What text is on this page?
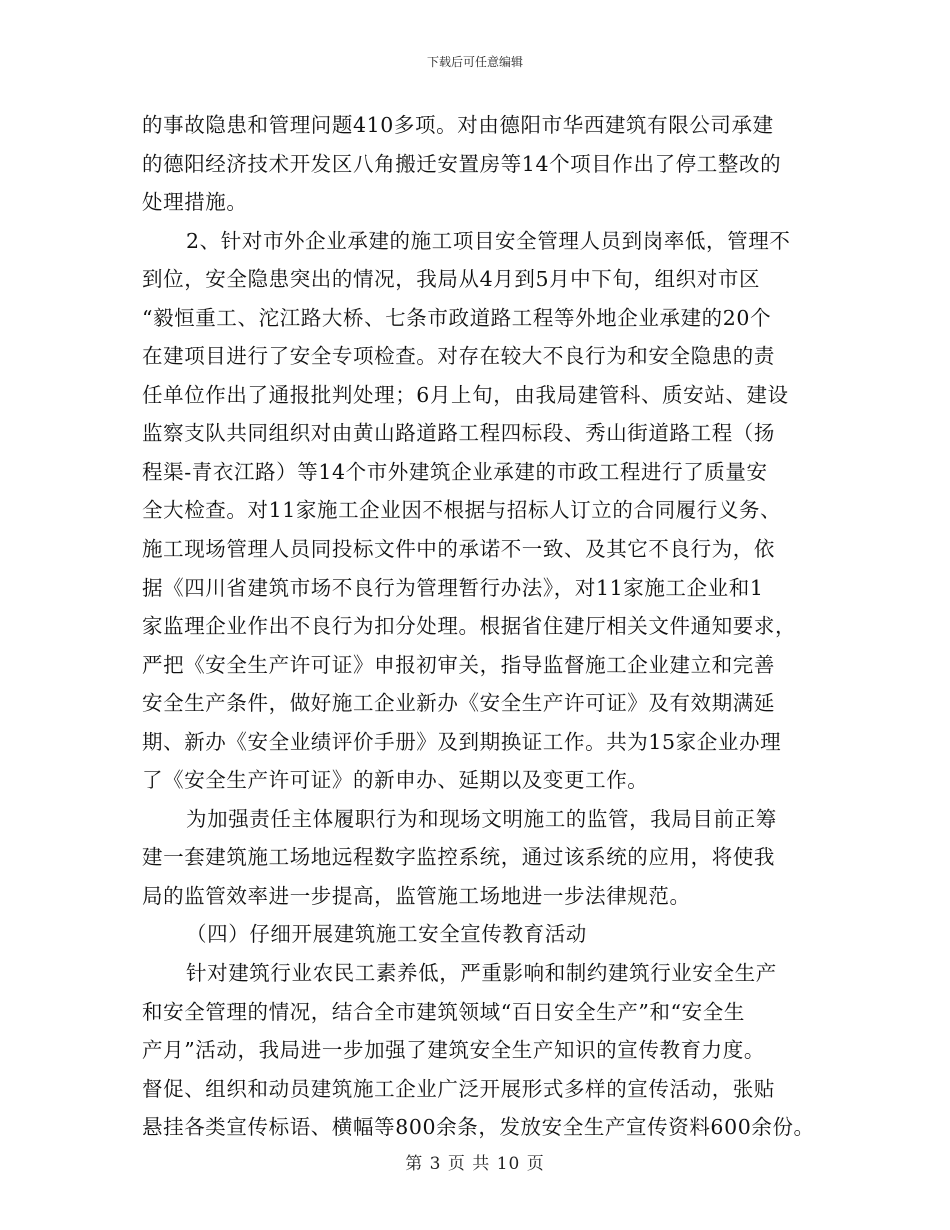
下载后可任意编辑
的事故隐患和管理问题410多项。对由德阳市华西建筑有限公司承建
的德阳经济技术开发区八角搬迁安置房等14个项目作出了停工整改的
处理措施。
2、针对市外企业承建的施工项目安全管理人员到岗率低，管理不
到位，安全隐患突出的情况，我局从4月到5月中下旬，组织对市区
“毅恒重工、沱江路大桥、七条市政道路工程等外地企业承建的20个
在建项目进行了安全专项检查。对存在较大不良行为和安全隐患的责
任单位作出了通报批判处理；6月上旬，由我局建管科、质安站、建设
监察支队共同组织对由黄山路道路工程四标段、秀山街道路工程（扬
程渠-青衣江路）等14个市外建筑企业承建的市政工程进行了质量安
全大检查。对11家施工企业因不根据与招标人订立的合同履行义务、
施工现场管理人员同投标文件中的承诺不一致、及其它不良行为，依
据《四川省建筑市场不良行为管理暂行办法》，对11家施工企业和1
家监理企业作出不良行为扣分处理。根据省住建厅相关文件通知要求，
严把《安全生产许可证》申报初审关，指导监督施工企业建立和完善
安全生产条件，做好施工企业新办《安全生产许可证》及有效期满延
期、新办《安全业绩评价手册》及到期换证工作。共为15家企业办理
了《安全生产许可证》的新申办、延期以及变更工作。
为加强责任主体履职行为和现场文明施工的监管，我局目前正筹
建一套建筑施工场地远程数字监控系统，通过该系统的应用，将使我
局的监管效率进一步提高，监管施工场地进一步法律规范。
（四）仔细开展建筑施工安全宣传教育活动
针对建筑行业农民工素养低，严重影响和制约建筑行业安全生产
和安全管理的情况，结合全市建筑领域“百日安全生产”和“安全生
产月”活动，我局进一步加强了建筑安全生产知识的宣传教育力度。
督促、组织和动员建筑施工企业广泛开展形式多样的宣传活动，张贴
悬挂各类宣传标语、横幅等800余条，发放安全生产宣传资料600余份。
第 3 页 共 10 页
